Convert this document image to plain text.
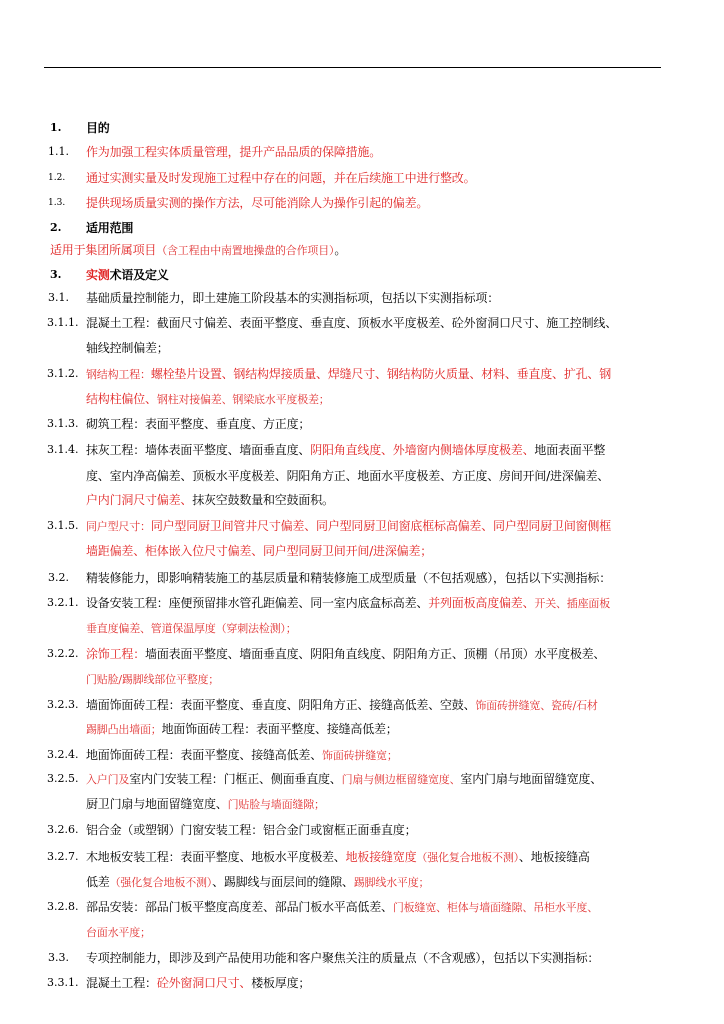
1. 目的
1.1. 作为加强工程实体质量管理，提升产品品质的保障措施。
1.2. 通过实测实量及时发现施工过程中存在的问题，并在后续施工中进行整改。
1.3. 提供现场质量实测的操作方法，尽可能消除人为操作引起的偏差。
2. 适用范围
适用于集团所属项目（含工程由中南置地操盘的合作项目）。
3. 实测术语及定义
3.1. 基础质量控制能力，即土建施工阶段基本的实测指标项，包括以下实测指标项：
3.1.1. 混凝土工程：截面尺寸偏差、表面平整度、垂直度、顶板水平度极差、砼外窗洞口尺寸、施工控制线、
轴线控制偏差；
3.1.2. 钢结构工程：螺栓垫片设置、钢结构焊接质量、焊缝尺寸、钢结构防火质量、材料、垂直度、扩孔、钢
结构柱偏位、钢柱对接偏差、钢梁底水平度极差；
3.1.3. 砌筑工程：表面平整度、垂直度、方正度；
3.1.4. 抹灰工程：墙体表面平整度、墙面垂直度、阴阳角直线度、外墙窗内侧墙体厚度极差、地面表面平整
度、室内净高偏差、顶板水平度极差、阴阳角方正、地面水平度极差、方正度、房间开间/进深偏差、
户内门洞尺寸偏差、抹灰空鼓数量和空鼓面积。
3.1.5. 同户型尺寸：同户型同厨卫间管井尺寸偏差、同户型同厨卫间窗底框标高偏差、同户型同厨卫间窗侧框
墙距偏差、柜体嵌入位尺寸偏差、同户型同厨卫间开间/进深偏差；
3.2. 精装修能力，即影响精装施工的基层质量和精装修施工成型质量（不包括观感），包括以下实测指标：
3.2.1. 设备安装工程：座便预留排水管孔距偏差、同一室内底盒标高差、并列面板高度偏差、开关、插座面板
垂直度偏差、管道保温厚度（穿刺法检测）；
3.2.2. 涂饰工程：墙面表面平整度、墙面垂直度、阴阳角直线度、阴阳角方正、顶棚（吊顶）水平度极差、
门贴脸/踢脚线部位平整度；
3.2.3. 墙面饰面砖工程：表面平整度、垂直度、阴阳角方正、接缝高低差、空鼓、饰面砖拼缝宽、瓷砖/石材
踢脚凸出墙面；地面饰面砖工程：表面平整度、接缝高低差；
3.2.4. 地面饰面砖工程：表面平整度、接缝高低差、饰面砖拼缝宽；
3.2.5. 入户门及室内门安装工程：门框正、侧面垂直度、门扇与侧边框留缝宽度、室内门扇与地面留缝宽度、
厨卫门扇与地面留缝宽度、门贴脸与墙面缝隙；
3.2.6. 铝合金（或塑钢）门窗安装工程：铝合金门或窗框正面垂直度；
3.2.7. 木地板安装工程：表面平整度、地板水平度极差、地板接缝宽度（强化复合地板不测）、地板接缝高
低差（强化复合地板不测）、踢脚线与面层间的缝隙、踢脚线水平度；
3.2.8. 部品安装：部品门板平整度高度差、部品门板水平高低差、门板缝宽、柜体与墙面缝隙、吊柜水平度、
台面水平度；
3.3. 专项控制能力，即涉及到产品使用功能和客户聚焦关注的质量点（不含观感），包括以下实测指标：
3.3.1. 混凝土工程：砼外窗洞口尺寸、楼板厚度；
